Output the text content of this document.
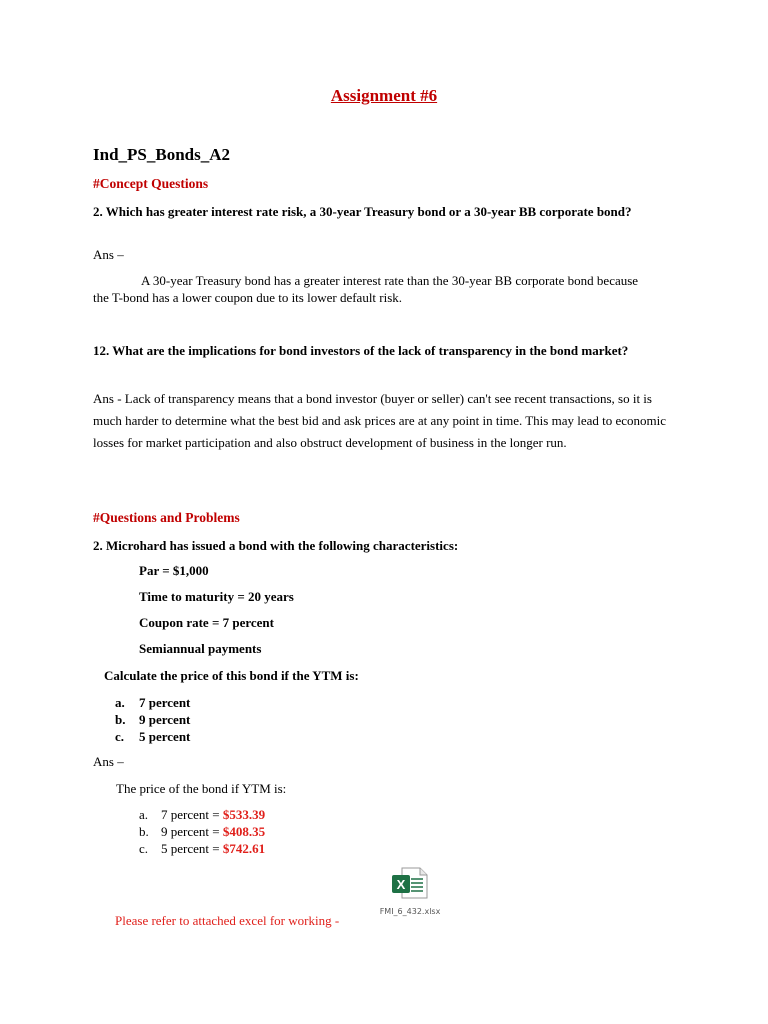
Assignment #6
Ind_PS_Bonds_A2
#Concept Questions
2. Which has greater interest rate risk, a 30-year Treasury bond or a 30-year BB corporate bond?
Ans –
A 30-year Treasury bond has a greater interest rate than the 30-year BB corporate bond because the T-bond has a lower coupon due to its lower default risk.
12. What are the implications for bond investors of the lack of transparency in the bond market?
Ans - Lack of transparency means that a bond investor (buyer or seller) can't see recent transactions, so it is much harder to determine what the best bid and ask prices are at any point in time. This may lead to economic losses for market participation and also obstruct development of business in the longer run.
#Questions and Problems
2. Microhard has issued a bond with the following characteristics:
Par = $1,000
Time to maturity = 20 years
Coupon rate = 7 percent
Semiannual payments
Calculate the price of this bond if the YTM is:
a. 7 percent
b. 9 percent
c. 5 percent
Ans –
The price of the bond if YTM is:
a. 7 percent = $533.39
b. 9 percent = $408.35
c. 5 percent = $742.61
X
FMI_6_432.xlsx
Please refer to attached excel for working -
